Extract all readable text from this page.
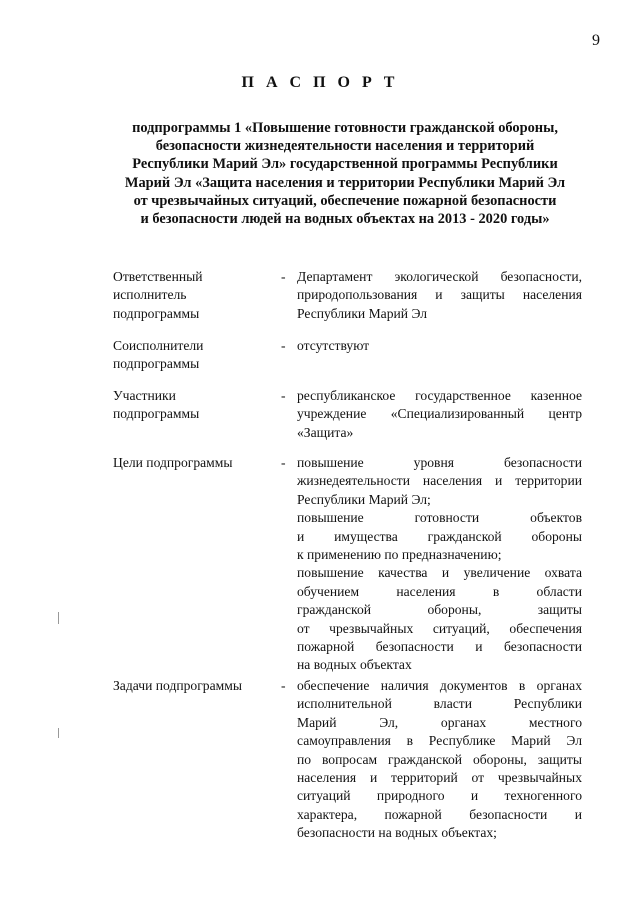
9
П А С П О Р Т
подпрограммы 1 «Повышение готовности гражданской обороны,
безопасности жизнедеятельности населения и территорий
Республики Марий Эл» государственной программы Республики
Марий Эл «Защита населения и территории Республики Марий Эл
от чрезвычайных ситуаций, обеспечение пожарной безопасности
и безопасности людей на водных объектах на 2013 - 2020 годы»
Ответственный
исполнитель
подпрограммы
- Департамент экологической безопасности,
природопользования и защиты населения
Республики Марий Эл
Соисполнители
подпрограммы
- отсутствуют
Участники
подпрограммы
- республиканское государственное казенное
учреждение «Специализированный центр
«Защита»
Цели подпрограммы	- повышение уровня безопасности
жизнедеятельности населения и территории
Республики Марий Эл;
повышение готовности объектов
и имущества гражданской обороны
к применению по предназначению;
повышение качества и увеличение охвата
обучением населения в области
гражданской обороны, защиты
от чрезвычайных ситуаций, обеспечения
пожарной безопасности и безопасности
на водных объектах
Задачи подпрограммы	- обеспечение наличия документов в органах
исполнительной власти Республики
Марий Эл, органах местного
самоуправления в Республике Марий Эл
по вопросам гражданской обороны, защиты
населения и территорий от чрезвычайных
ситуаций природного и техногенного
характера, пожарной безопасности и
безопасности на водных объектах;
